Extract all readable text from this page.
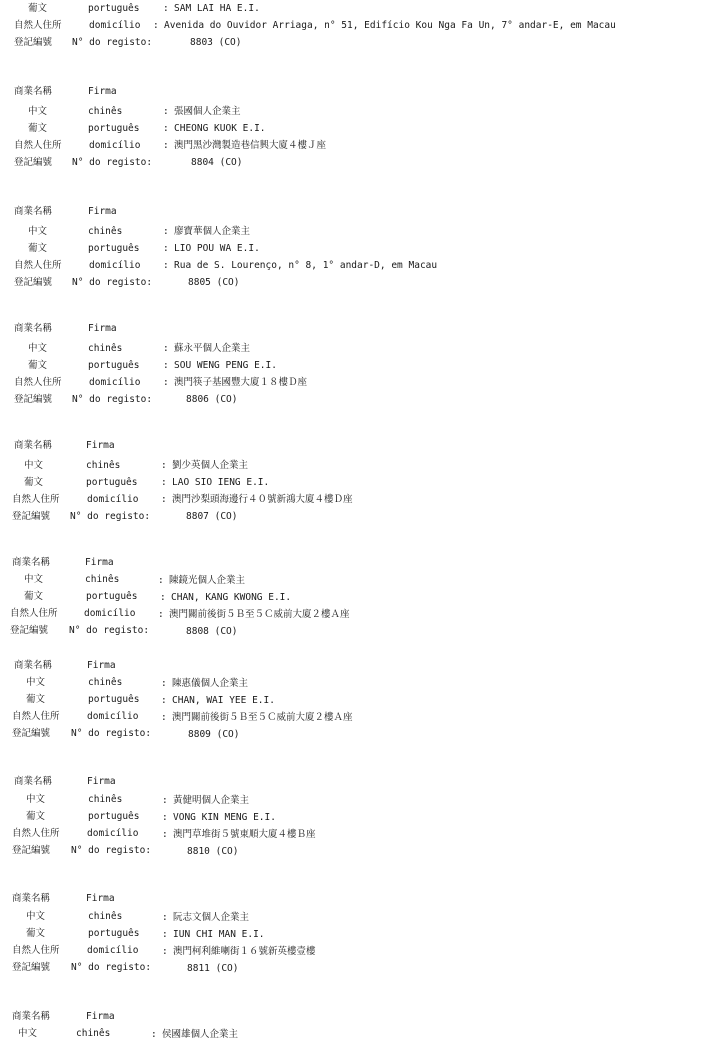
葡文	português : SAM LAI HA E.I.
自然人住所	domicílio : Avenida do Ouvidor Arriaga, n° 51, Edifício Kou Nga Fa Un, 7° andar-E, em Macau
登記編號 N° do registo:	8803 (CO)
商業名稱	Firma
中文	chinês	: 張國個人企業主
葡文	português : CHEONG KUOK E.I.
自然人住所	domicílio : 澳門黑沙灣製造巷信興大廈４樓Ｊ座
登記編號 N° do registo:	8804 (CO)
商業名稱	Firma
中文	chinês	: 廖寶華個人企業主
葡文	português : LIO POU WA E.I.
自然人住所	domicílio : Rua de S. Lourenço, n° 8, 1° andar-D, em Macau
登記編號 N° do registo:	8805 (CO)
商業名稱	Firma
中文	chinês	: 蘇永平個人企業主
葡文	português : SOU WENG PENG E.I.
自然人住所	domicílio : 澳門筷子基國豐大廈１８樓Ｄ座
登記編號 N° do registo:	8806 (CO)
商業名稱	Firma
中文	chinês	: 劉少英個人企業主
葡文	português : LAO SIO IENG E.I.
自然人住所	domicílio : 澳門沙梨頭海邊行４０號新鴻大廈４樓Ｄ座
登記編號 N° do registo:	8807 (CO)
商業名稱	Firma
中文	chinês	: 陳鏡光個人企業主
葡文	português : CHAN, KANG KWONG E.I.
自然人住所	domicílio : 澳門關前後街５Ｂ至５Ｃ威前大廈２樓Ａ座
登記編號 N° do registo:	8808 (CO)
商業名稱	Firma
中文	chinês	: 陳惠儀個人企業主
葡文	português : CHAN, WAI YEE E.I.
自然人住所	domicílio : 澳門關前後街５Ｂ至５Ｃ威前大廈２樓Ａ座
登記編號 N° do registo:	8809 (CO)
商業名稱	Firma
中文	chinês	: 黃健明個人企業主
葡文	português : VONG KIN MENG E.I.
自然人住所	domicílio : 澳門草堆街５號東順大廈４樓Ｂ座
登記編號 N° do registo:	8810 (CO)
商業名稱	Firma
中文	chinês	: 阮志文個人企業主
葡文	português : IUN CHI MAN E.I.
自然人住所	domicílio : 澳門柯利維喇街１６號新英樓壹樓
登記編號 N° do registo:	8811 (CO)
商業名稱	Firma
中文	chinês	: 侯國雄個人企業主
